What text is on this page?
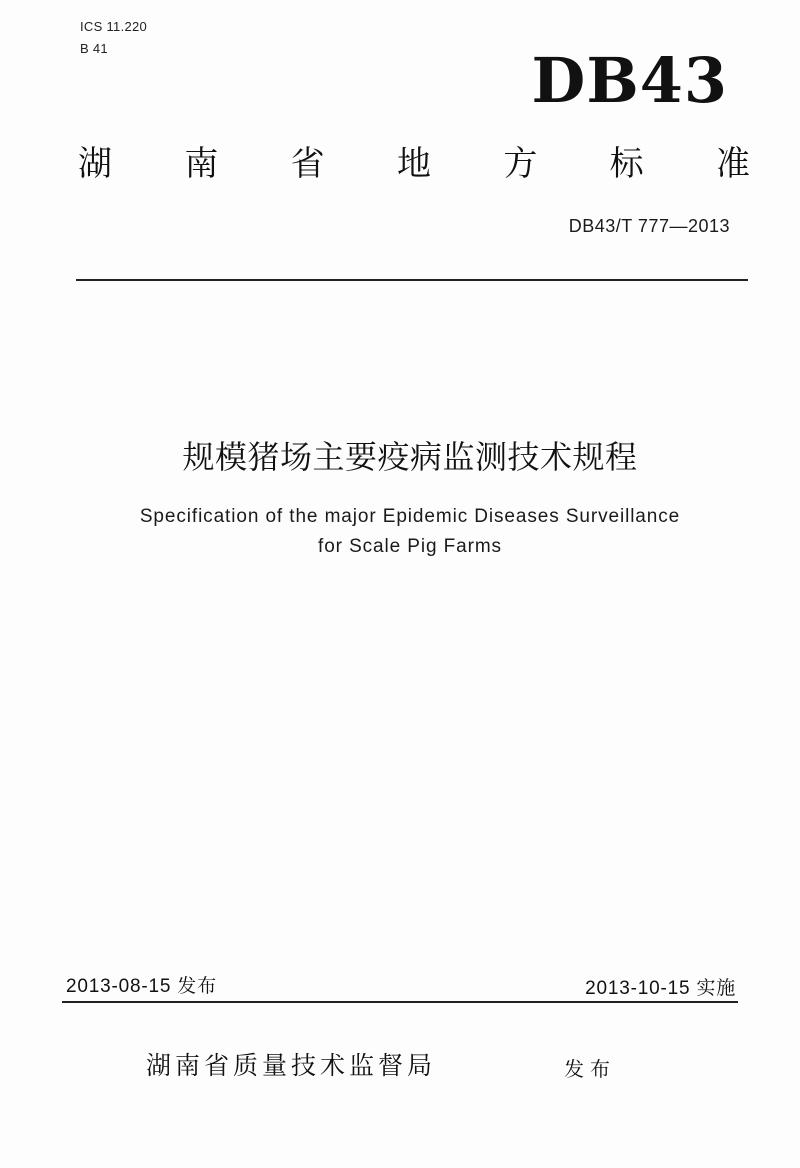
ICS 11.220
B 41	DB43
湖 南 省 地 方 标 准
DB43/T 777—2013
规模猪场主要疫病监测技术规程
Specification of the major Epidemic Diseases Surveillance
for Scale Pig Farms
2013-08-15 发布	2013-10-15 实施
湖南省质量技术监督局	发布
